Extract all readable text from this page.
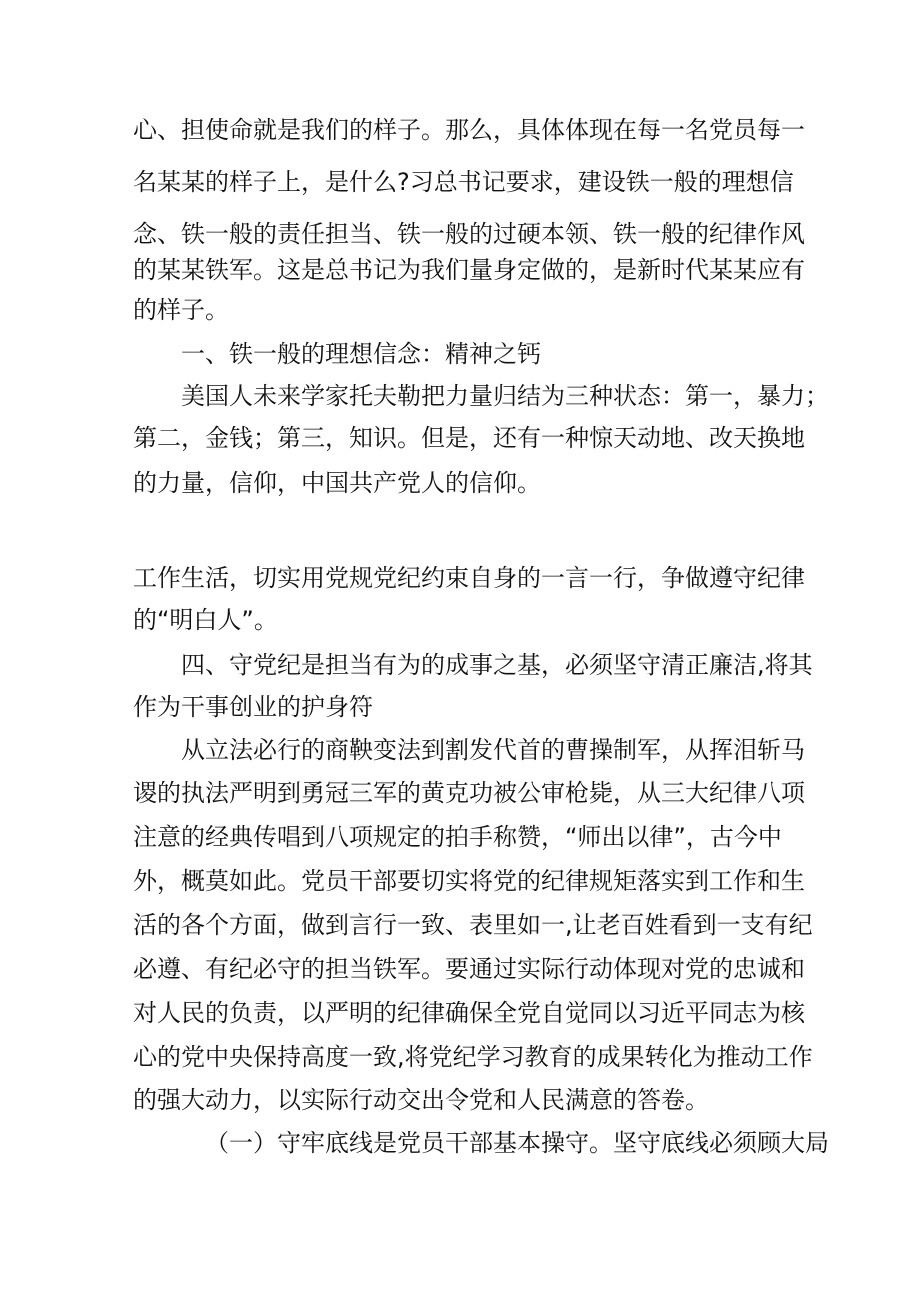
心、担使命就是我们的样子。那么，具体体现在每一名党员每一

名某某的样子上，是什么?习总书记要求，建设铁一般的理想信

念、铁一般的责任担当、铁一般的过硬本领、铁一般的纪律作风

的某某铁军。这是总书记为我们量身定做的，是新时代某某应有

的样子。

一、铁一般的理想信念：精神之钙

美国人未来学家托夫勒把力量归结为三种状态：第一，暴力；

第二，金钱；第三，知识。但是，还有一种惊天动地、改天换地

的力量，信仰，中国共产党人的信仰。

工作生活，切实用党规党纪约束自身的一言一行，争做遵守纪律

的“明白人”。

四、守党纪是担当有为的成事之基，必须坚守清正廉洁,将其

作为干事创业的护身符

从立法必行的商鞅变法到割发代首的曹操制军，从挥泪斩马

谡的执法严明到勇冠三军的黄克功被公审枪毙，从三大纪律八项

注意的经典传唱到八项规定的拍手称赞，“师出以律”，古今中

外，概莫如此。党员干部要切实将党的纪律规矩落实到工作和生

活的各个方面，做到言行一致、表里如一,让老百姓看到一支有纪

必遵、有纪必守的担当铁军。要通过实际行动体现对党的忠诚和

对人民的负责，以严明的纪律确保全党自觉同以习近平同志为核

心的党中央保持高度一致,将党纪学习教育的成果转化为推动工作

的强大动力，以实际行动交出令党和人民满意的答卷。

（一）守牢底线是党员干部基本操守。坚守底线必须顾大局
